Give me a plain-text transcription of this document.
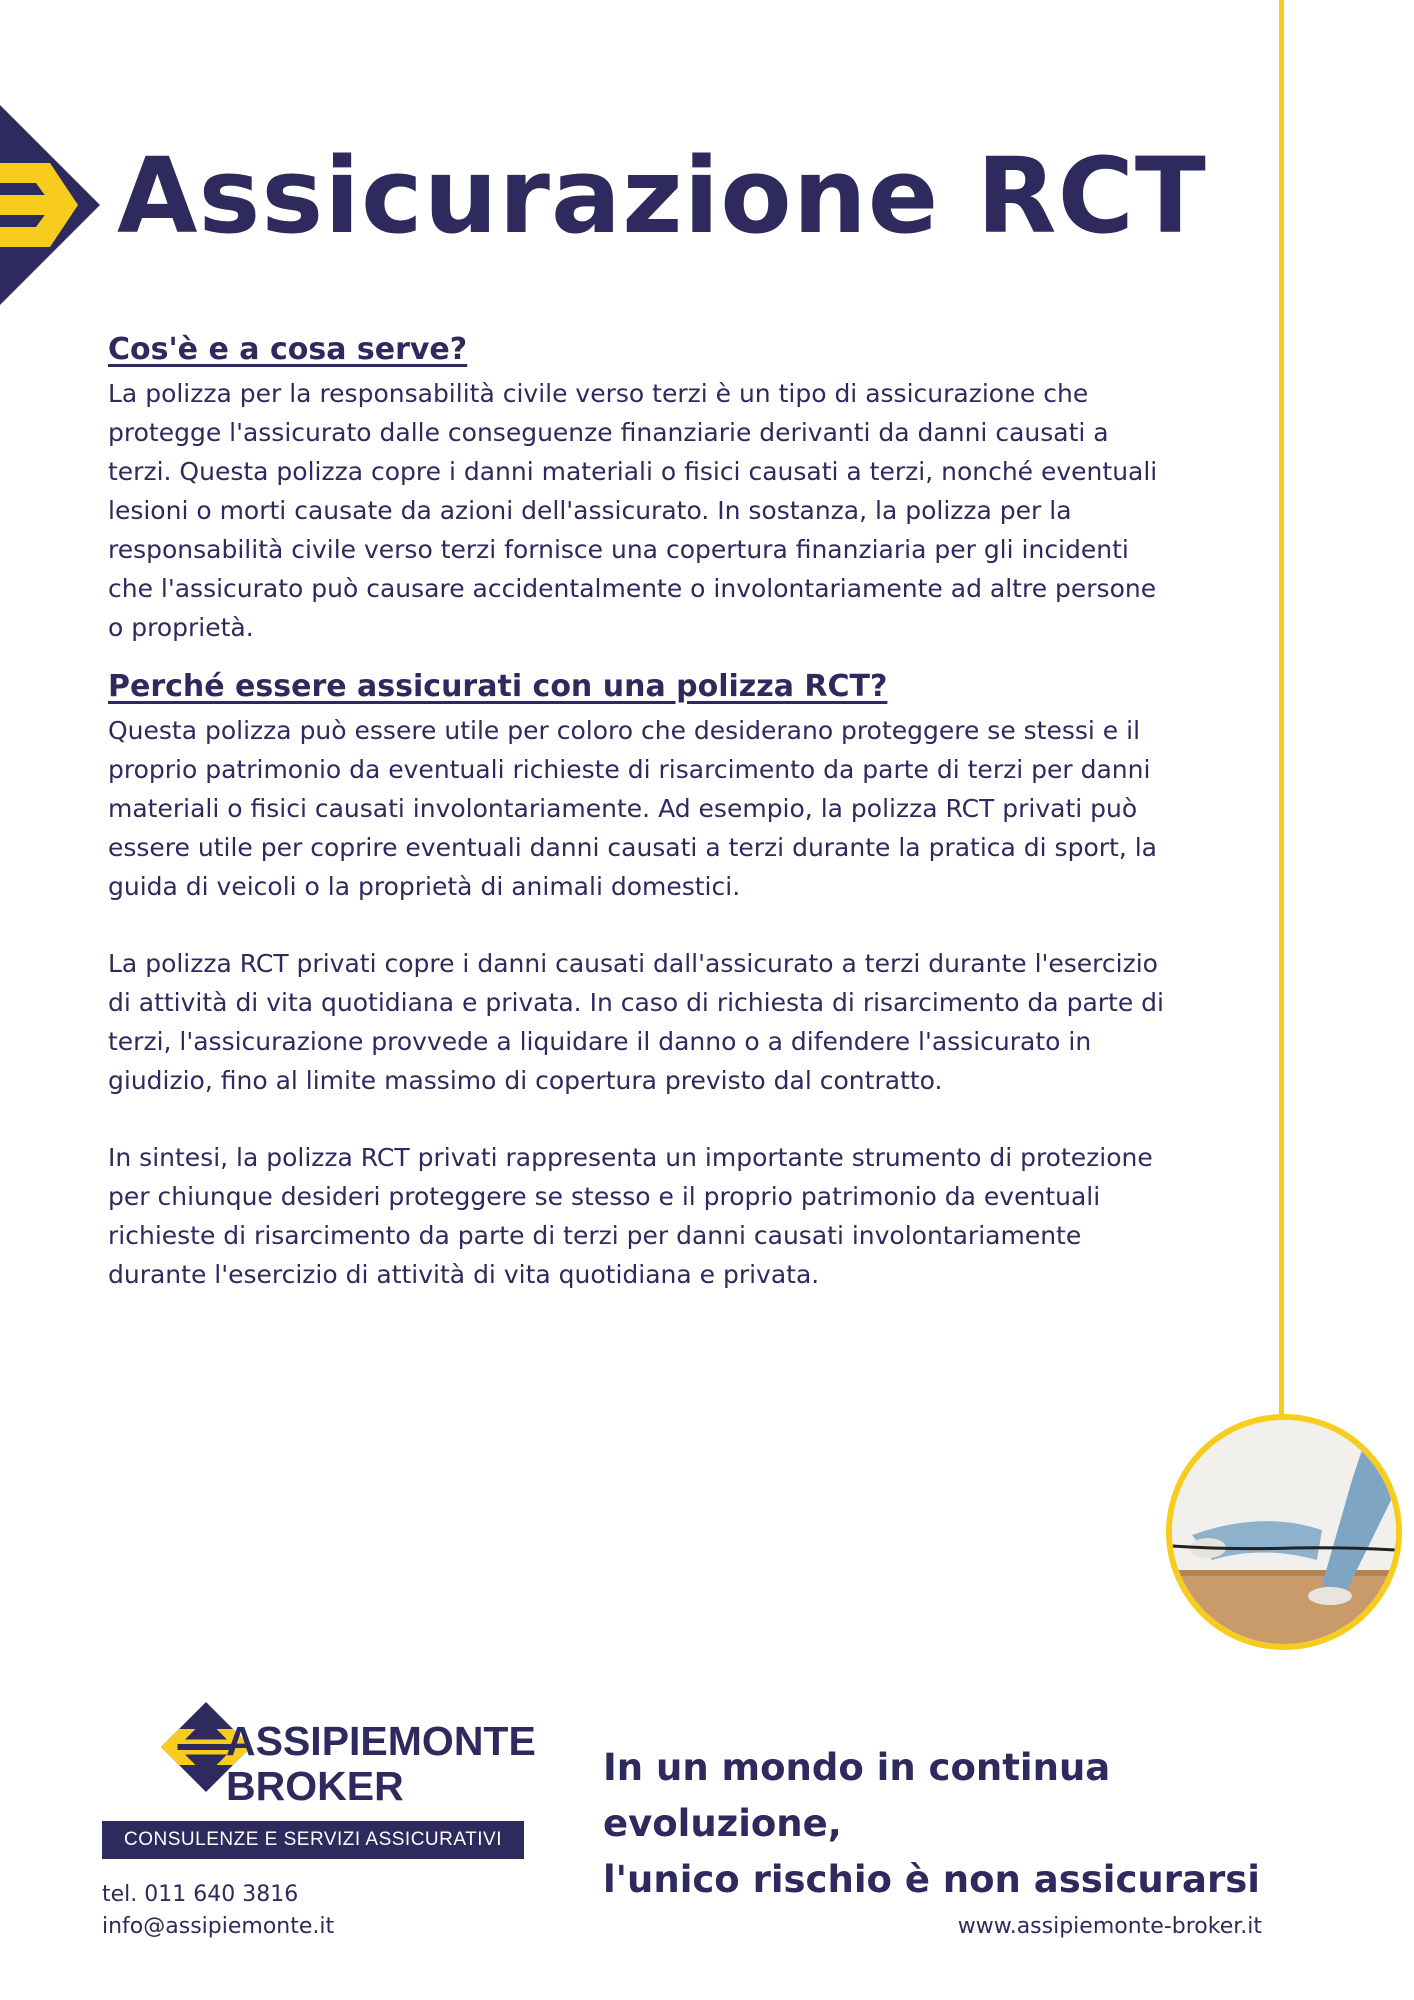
Assicurazione RCT
Cos'è e a cosa serve?

La polizza per la responsabilità civile verso terzi è un tipo di assicurazione che protegge l'assicurato dalle conseguenze finanziarie derivanti da danni causati a terzi. Questa polizza copre i danni materiali o fisici causati a terzi, nonché eventuali lesioni o morti causate da azioni dell'assicurato. In sostanza, la polizza per la responsabilità civile verso terzi fornisce una copertura finanziaria per gli incidenti che l'assicurato può causare accidentalmente o involontariamente ad altre persone o proprietà.

Perché essere assicurati con una polizza RCT?

Questa polizza può essere utile per coloro che desiderano proteggere se stessi e il proprio patrimonio da eventuali richieste di risarcimento da parte di terzi per danni materiali o fisici causati involontariamente. Ad esempio, la polizza RCT privati può essere utile per coprire eventuali danni causati a terzi durante la pratica di sport, la guida di veicoli o la proprietà di animali domestici.

La polizza RCT privati copre i danni causati dall'assicurato a terzi durante l'esercizio di attività di vita quotidiana e privata. In caso di richiesta di risarcimento da parte di terzi, l'assicurazione provvede a liquidare il danno o a difendere l'assicurato in giudizio, fino al limite massimo di copertura previsto dal contratto.

In sintesi, la polizza RCT privati rappresenta un importante strumento di protezione per chiunque desideri proteggere se stesso e il proprio patrimonio da eventuali richieste di risarcimento da parte di terzi per danni causati involontariamente durante l'esercizio di attività di vita quotidiana e privata.

ASSIPIEMONTE
BROKER
CONSULENZE E SERVIZI ASSICURATIVI
In un mondo in continua evoluzione,
l'unico rischio è non assicurarsi
tel. 011 640 3816
info@assipiemonte.it	www.assipiemonte-broker.it
